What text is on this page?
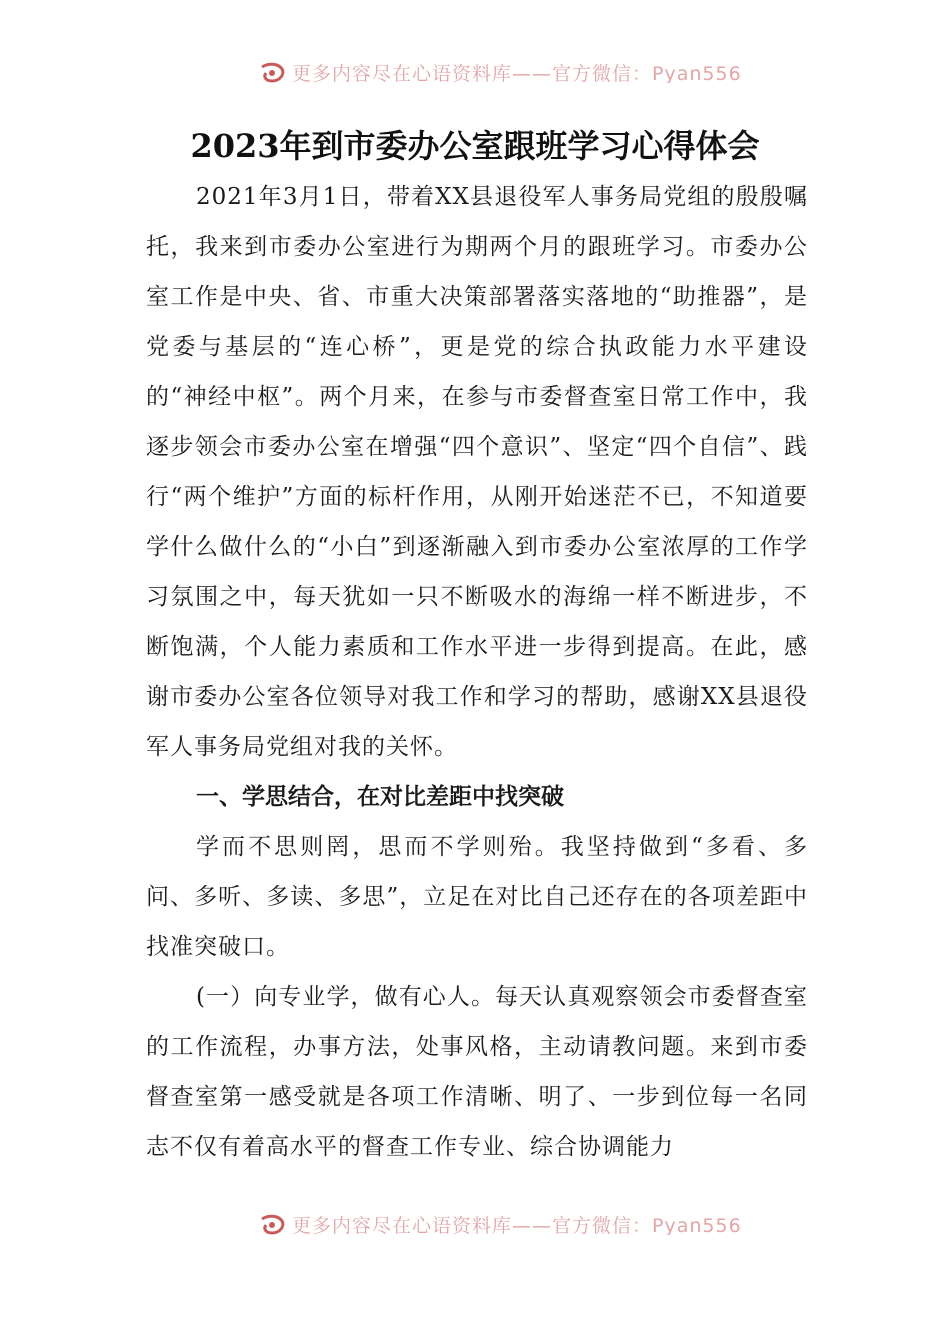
更多内容尽在心语资料库——官方微信：Pyan556
2023年到市委办公室跟班学习心得体会

2021年3月1日，带着XX县退役军人事务局党组的殷殷嘱托，我来到市委办公室进行为期两个月的跟班学习。市委办公室工作是中央、省、市重大决策部署落实落地的“助推器”，是党委与基层的“连心桥”，更是党的综合执政能力水平建设的“神经中枢”。两个月来，在参与市委督查室日常工作中，我逐步领会市委办公室在增强“四个意识”、坚定“四个自信”、践行“两个维护”方面的标杆作用，从刚开始迷茫不已，不知道要学什么做什么的“小白”到逐渐融入到市委办公室浓厚的工作学习氛围之中，每天犹如一只不断吸水的海绵一样不断进步，不断饱满，个人能力素质和工作水平进一步得到提高。在此，感谢市委办公室各位领导对我工作和学习的帮助，感谢XX县退役军人事务局党组对我的关怀。

一、学思结合，在对比差距中找突破

学而不思则罔，思而不学则殆。我坚持做到“多看、多问、多听、多读、多思”，立足在对比自己还存在的各项差距中找准突破口。

(一）向专业学，做有心人。每天认真观察领会市委督查室的工作流程，办事方法，处事风格，主动请教问题。来到市委督查室第一感受就是各项工作清晰、明了、一步到位每一名同志不仅有着高水平的督查工作专业、综合协调能力

更多内容尽在心语资料库——官方微信：Pyan556
